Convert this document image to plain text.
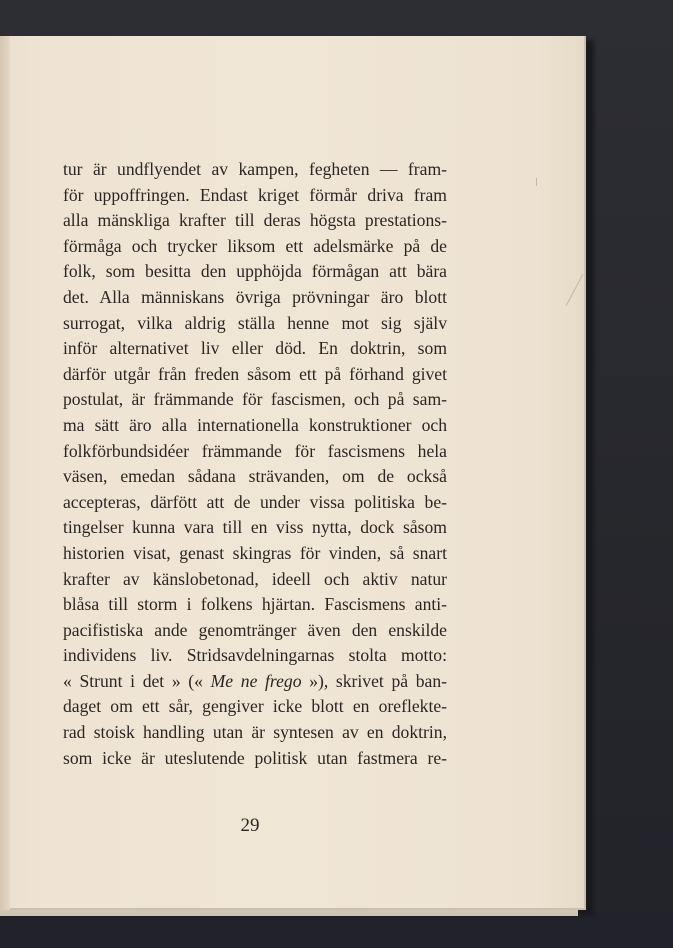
tur är undflyendet av kampen, fegheten — fram-
för uppoffringen. Endast kriget förmår driva fram
alla mänskliga krafter till deras högsta prestations-
förmåga och trycker liksom ett adelsmärke på de
folk, som besitta den upphöjda förmågan att bära
det. Alla människans övriga prövningar äro blott
surrogat, vilka aldrig ställa henne mot sig själv
inför alternativet liv eller död. En doktrin, som
därför utgår från freden såsom ett på förhand givet
postulat, är främmande för fascismen, och på sam-
ma sätt äro alla internationella konstruktioner och
folkförbundsidéer främmande för fascismens hela
väsen, emedan sådana strävanden, om de också
accepteras, därfött att de under vissa politiska be-
tingelser kunna vara till en viss nytta, dock såsom
historien visat, genast skingras för vinden, så snart
krafter av känslobetonad, ideell och aktiv natur
blåsa till storm i folkens hjärtan. Fascismens anti-
pacifistiska ande genomtränger även den enskilde
individens liv. Stridsavdelningarnas stolta motto:
« Strunt i det » (« Me ne frego »), skrivet på ban-
daget om ett sår, gengiver icke blott en oreflekte-
rad stoisk handling utan är syntesen av en doktrin,
som icke är uteslutende politisk utan fastmera re-
29
